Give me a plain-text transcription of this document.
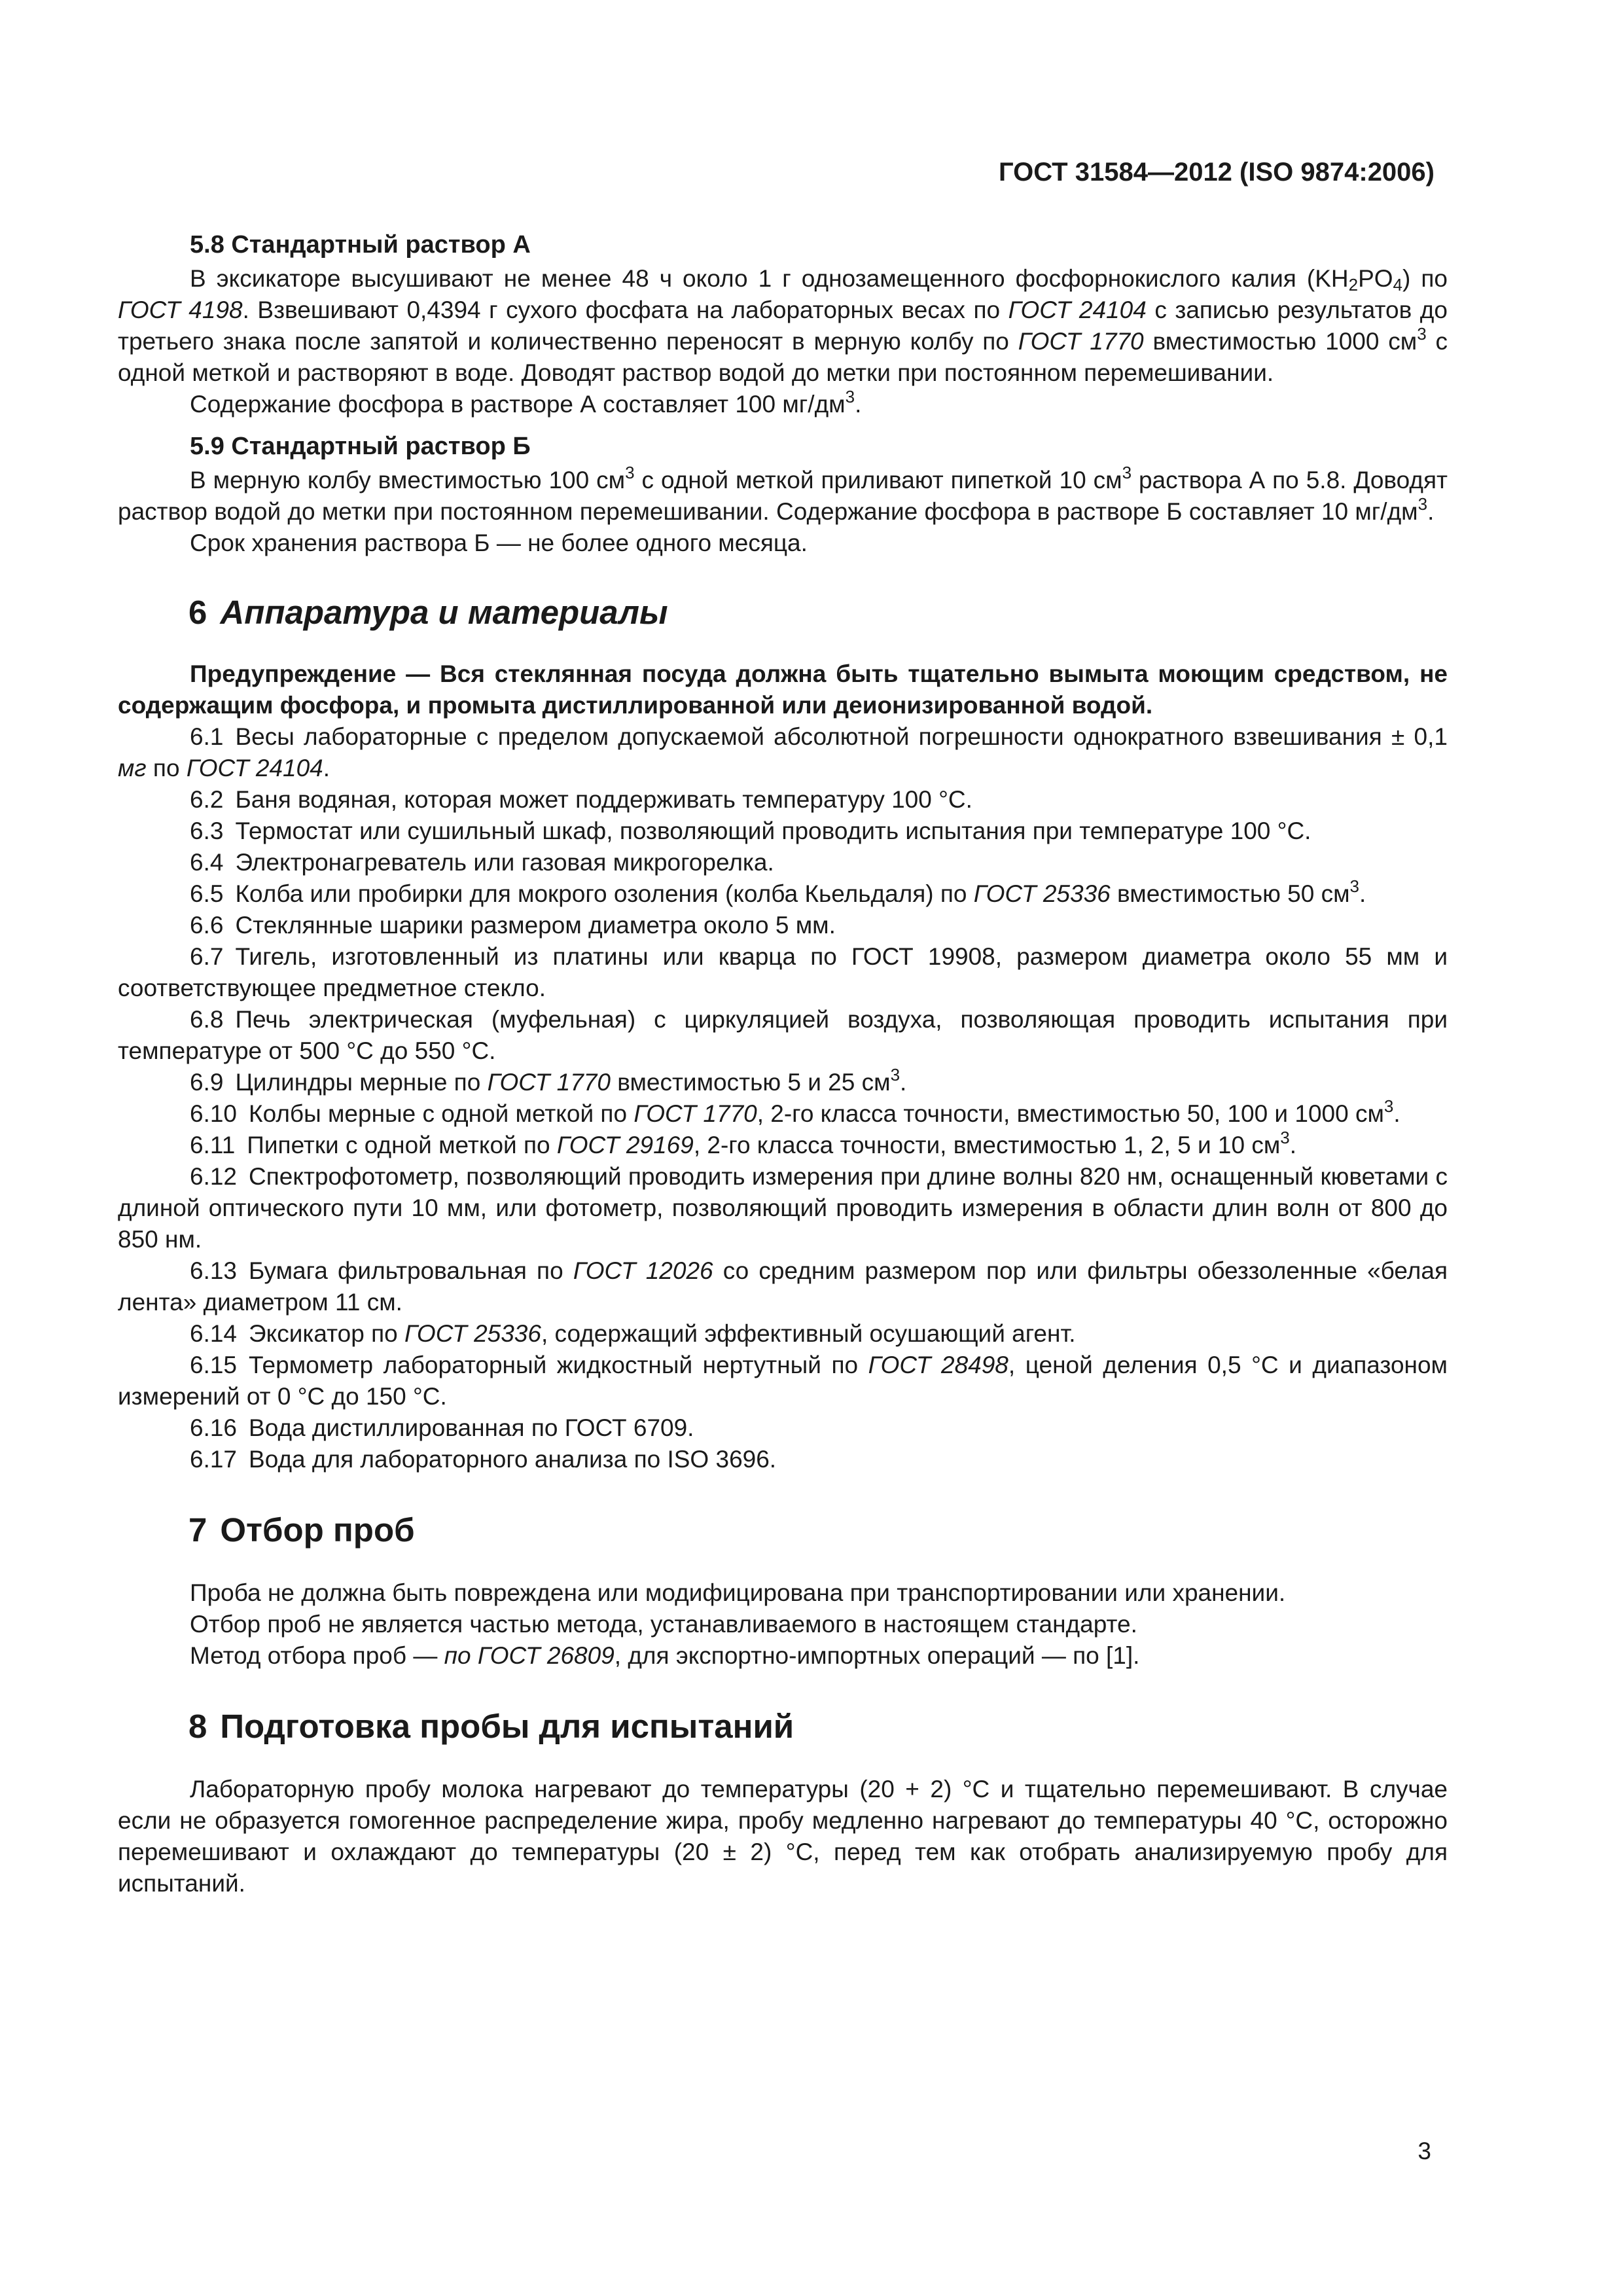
ГОСТ 31584—2012 (ISO 9874:2006)
5.8 Стандартный раствор А

В эксикаторе высушивают не менее 48 ч около 1 г однозамещенного фосфорнокислого калия $(KH_2PO_4)$ по ГОСТ 4198. Взвешивают 0,4394 г сухого фосфата на лабораторных весах по ГОСТ 24104 с записью результатов до третьего знака после запятой и количественно переносят в мерную колбу по ГОСТ 1770 вместимостью 1000 $см^3$ с одной меткой и растворяют в воде. Доводят раствор водой до метки при постоянном перемешивании.

Содержание фосфора в растворе А составляет 100 $мг/дм^3$.

5.9 Стандартный раствор Б

В мерную колбу вместимостью 100 $см^3$ с одной меткой приливают пипеткой 10 $см^3$ раствора А по 5.8. Доводят раствор водой до метки при постоянном перемешивании. Содержание фосфора в растворе Б составляет 10 $мг/дм^3$.

Срок хранения раствора Б — не более одного месяца.

6 Аппаратура и материалы

Предупреждение — Вся стеклянная посуда должна быть тщательно вымыта моющим средством, не содержащим фосфора, и промыта дистиллированной или деионизированной водой.

6.1 Весы лабораторные с пределом допускаемой абсолютной погрешности однократного взвешивания ± 0,1 мг по ГОСТ 24104.

6.2 Баня водяная, которая может поддерживать температуру 100 °С.

6.3 Термостат или сушильный шкаф, позволяющий проводить испытания при температуре 100 °С.

6.4 Электронагреватель или газовая микрогорелка.

6.5 Колба или пробирки для мокрого озоления (колба Кьельдаля) по ГОСТ 25336 вместимостью 50 $см^3$.

6.6 Стеклянные шарики размером диаметра около 5 мм.

6.7 Тигель, изготовленный из платины или кварца по ГОСТ 19908, размером диаметра около 55 мм и соответствующее предметное стекло.

6.8 Печь электрическая (муфельная) с циркуляцией воздуха, позволяющая проводить испытания при температуре от 500 °С до 550 °С.

6.9 Цилиндры мерные по ГОСТ 1770 вместимостью 5 и 25 $см^3$.

6.10 Колбы мерные с одной меткой по ГОСТ 1770, 2-го класса точности, вместимостью 50, 100 и 1000 $см^3$.

6.11 Пипетки с одной меткой по ГОСТ 29169, 2-го класса точности, вместимостью 1, 2, 5 и 10 $см^3$.

6.12 Спектрофотометр, позволяющий проводить измерения при длине волны 820 нм, оснащенный кюветами с длиной оптического пути 10 мм, или фотометр, позволяющий проводить измерения в области длин волн от 800 до 850 нм.

6.13 Бумага фильтровальная по ГОСТ 12026 со средним размером пор или фильтры обеззоленные «белая лента» диаметром 11 см.

6.14 Эксикатор по ГОСТ 25336, содержащий эффективный осушающий агент.

6.15 Термометр лабораторный жидкостный нертутный по ГОСТ 28498, ценой деления 0,5 °С и диапазоном измерений от 0 °С до 150 °С.

6.16 Вода дистиллированная по ГОСТ 6709.

6.17 Вода для лабораторного анализа по ISO 3696.

7 Отбор проб

Проба не должна быть повреждена или модифицирована при транспортировании или хранении.

Отбор проб не является частью метода, устанавливаемого в настоящем стандарте.

Метод отбора проб — по ГОСТ 26809, для экспортно-импортных операций — по [1].

8 Подготовка пробы для испытаний

Лабораторную пробу молока нагревают до температуры (20 + 2) °С и тщательно перемешивают. В случае если не образуется гомогенное распределение жира, пробу медленно нагревают до температуры 40 °С, осторожно перемешивают и охлаждают до температуры (20 ± 2) °С, перед тем как отобрать анализируемую пробу для испытаний.

3
